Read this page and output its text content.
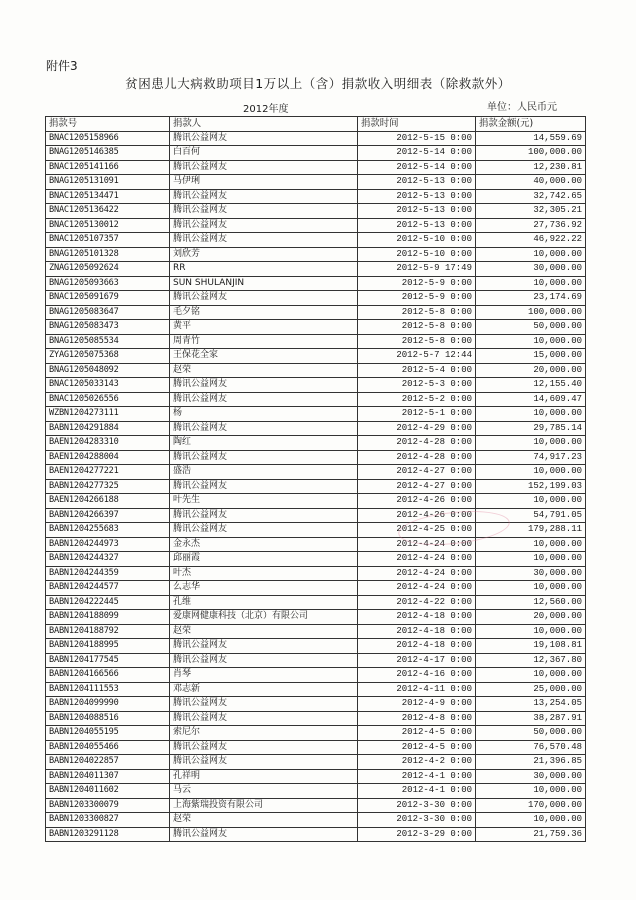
附件3
贫困患儿大病救助项目1万以上（含）捐款收入明细表（除救款外）
2012年度	单位：人民币元
捐款号	捐款人	捐款时间	捐款金额(元)
BNAC1205158966	腾讯公益网友	2012-5-15 0:00	14,559.69
BNAG1205146385	白百何	2012-5-14 0:00	100,000.00
BNAC1205141166	腾讯公益网友	2012-5-14 0:00	12,230.81
BNAG1205131091	马伊琍	2012-5-13 0:00	40,000.00
BNAC1205134471	腾讯公益网友	2012-5-13 0:00	32,742.65
BNAC1205136422	腾讯公益网友	2012-5-13 0:00	32,305.21
BNAC1205130012	腾讯公益网友	2012-5-13 0:00	27,736.92
BNAC1205107357	腾讯公益网友	2012-5-10 0:00	46,922.22
BNAG1205101328	刘欣芳	2012-5-10 0:00	10,000.00
ZNAG1205092624	RR	2012-5-9 17:49	30,000.00
BNAG1205093663	SUN SHULANJIN	2012-5-9 0:00	10,000.00
BNAC1205091679	腾讯公益网友	2012-5-9 0:00	23,174.69
BNAG1205083647	毛夕铭	2012-5-8 0:00	100,000.00
BNAG1205083473	黄平	2012-5-8 0:00	50,000.00
BNAG1205085534	周青竹	2012-5-8 0:00	10,000.00
ZYAG1205075368	王保花全家	2012-5-7 12:44	15,000.00
BNAG1205048092	赵荣	2012-5-4 0:00	20,000.00
BNAC1205033143	腾讯公益网友	2012-5-3 0:00	12,155.40
BNAC1205026556	腾讯公益网友	2012-5-2 0:00	14,609.47
WZBN1204273111	杨	2012-5-1 0:00	10,000.00
BABN1204291884	腾讯公益网友	2012-4-29 0:00	29,785.14
BAEN1204283310	陶红	2012-4-28 0:00	10,000.00
BAEN1204288004	腾讯公益网友	2012-4-28 0:00	74,917.23
BAEN1204277221	盛浩	2012-4-27 0:00	10,000.00
BABN1204277325	腾讯公益网友	2012-4-27 0:00	152,199.03
BAEN1204266188	叶先生	2012-4-26 0:00	10,000.00
BABN1204266397	腾讯公益网友	2012-4-26 0:00	54,791.05
BABN1204255683	腾讯公益网友	2012-4-25 0:00	179,288.11
BABN1204244973	金永杰	2012-4-24 0:00	10,000.00
BABN1204244327	邱丽霞	2012-4-24 0:00	10,000.00
BABN1204244359	叶杰	2012-4-24 0:00	30,000.00
BABN1204244577	么志华	2012-4-24 0:00	10,000.00
BABN1204222445	孔维	2012-4-22 0:00	12,560.00
BABN1204188099	爱康网健康科技（北京）有限公司	2012-4-18 0:00	20,000.00
BABN1204188792	赵荣	2012-4-18 0:00	10,000.00
BABN1204188995	腾讯公益网友	2012-4-18 0:00	19,108.81
BABN1204177545	腾讯公益网友	2012-4-17 0:00	12,367.80
BABN1204166566	肖琴	2012-4-16 0:00	10,000.00
BABN1204111553	邓志新	2012-4-11 0:00	25,000.00
BABN1204099990	腾讯公益网友	2012-4-9 0:00	13,254.05
BABN1204088516	腾讯公益网友	2012-4-8 0:00	38,287.91
BABN1204055195	索尼尔	2012-4-5 0:00	50,000.00
BABN1204055466	腾讯公益网友	2012-4-5 0:00	76,570.48
BABN1204022857	腾讯公益网友	2012-4-2 0:00	21,396.85
BABN1204011307	孔祥明	2012-4-1 0:00	30,000.00
BABN1204011602	马云	2012-4-1 0:00	10,000.00
BABN1203300079	上海紫瑞投资有限公司	2012-3-30 0:00	170,000.00
BABN1203300827	赵荣	2012-3-30 0:00	10,000.00
BABN1203291128	腾讯公益网友	2012-3-29 0:00	21,759.36
